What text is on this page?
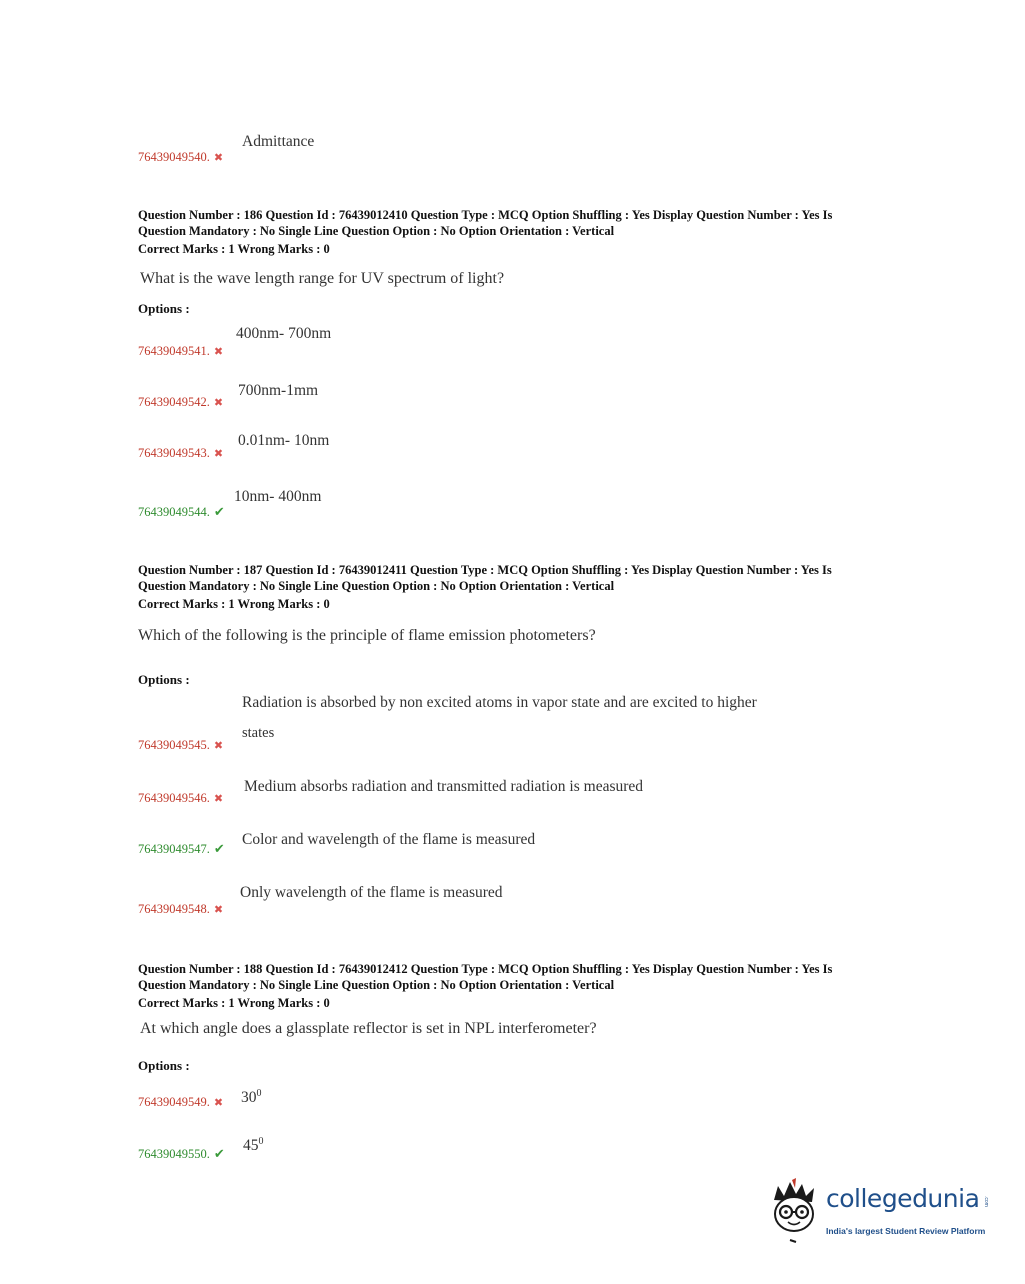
Admittance
76439049540. ✖
Question Number : 186 Question Id : 76439012410 Question Type : MCQ Option Shuffling : Yes Display Question Number : Yes Is
Question Mandatory : No Single Line Question Option : No Option Orientation : Vertical
Correct Marks : 1 Wrong Marks : 0
What is the wave length range for UV spectrum of light?
Options :
400nm- 700nm
76439049541. ✖
700nm-1mm
76439049542. ✖
0.01nm- 10nm
76439049543. ✖
10nm- 400nm
76439049544. ✔
Question Number : 187 Question Id : 76439012411 Question Type : MCQ Option Shuffling : Yes Display Question Number : Yes Is
Question Mandatory : No Single Line Question Option : No Option Orientation : Vertical
Correct Marks : 1 Wrong Marks : 0
Which of the following is the principle of flame emission photometers?
Options :
Radiation is absorbed by non excited atoms in vapor state and are excited to higher
states
76439049545. ✖
Medium absorbs radiation and transmitted radiation is measured
76439049546. ✖
Color and wavelength of the flame is measured
76439049547. ✔
Only wavelength of the flame is measured
76439049548. ✖
Question Number : 188 Question Id : 76439012412 Question Type : MCQ Option Shuffling : Yes Display Question Number : Yes Is
Question Mandatory : No Single Line Question Option : No Option Orientation : Vertical
Correct Marks : 1 Wrong Marks : 0
At which angle does a glassplate reflector is set in NPL interferometer?
Options :
76439049549. ✖ $30^0$
$45^0$
76439049550. ✔
collegedunia .com
India's largest Student Review Platform
